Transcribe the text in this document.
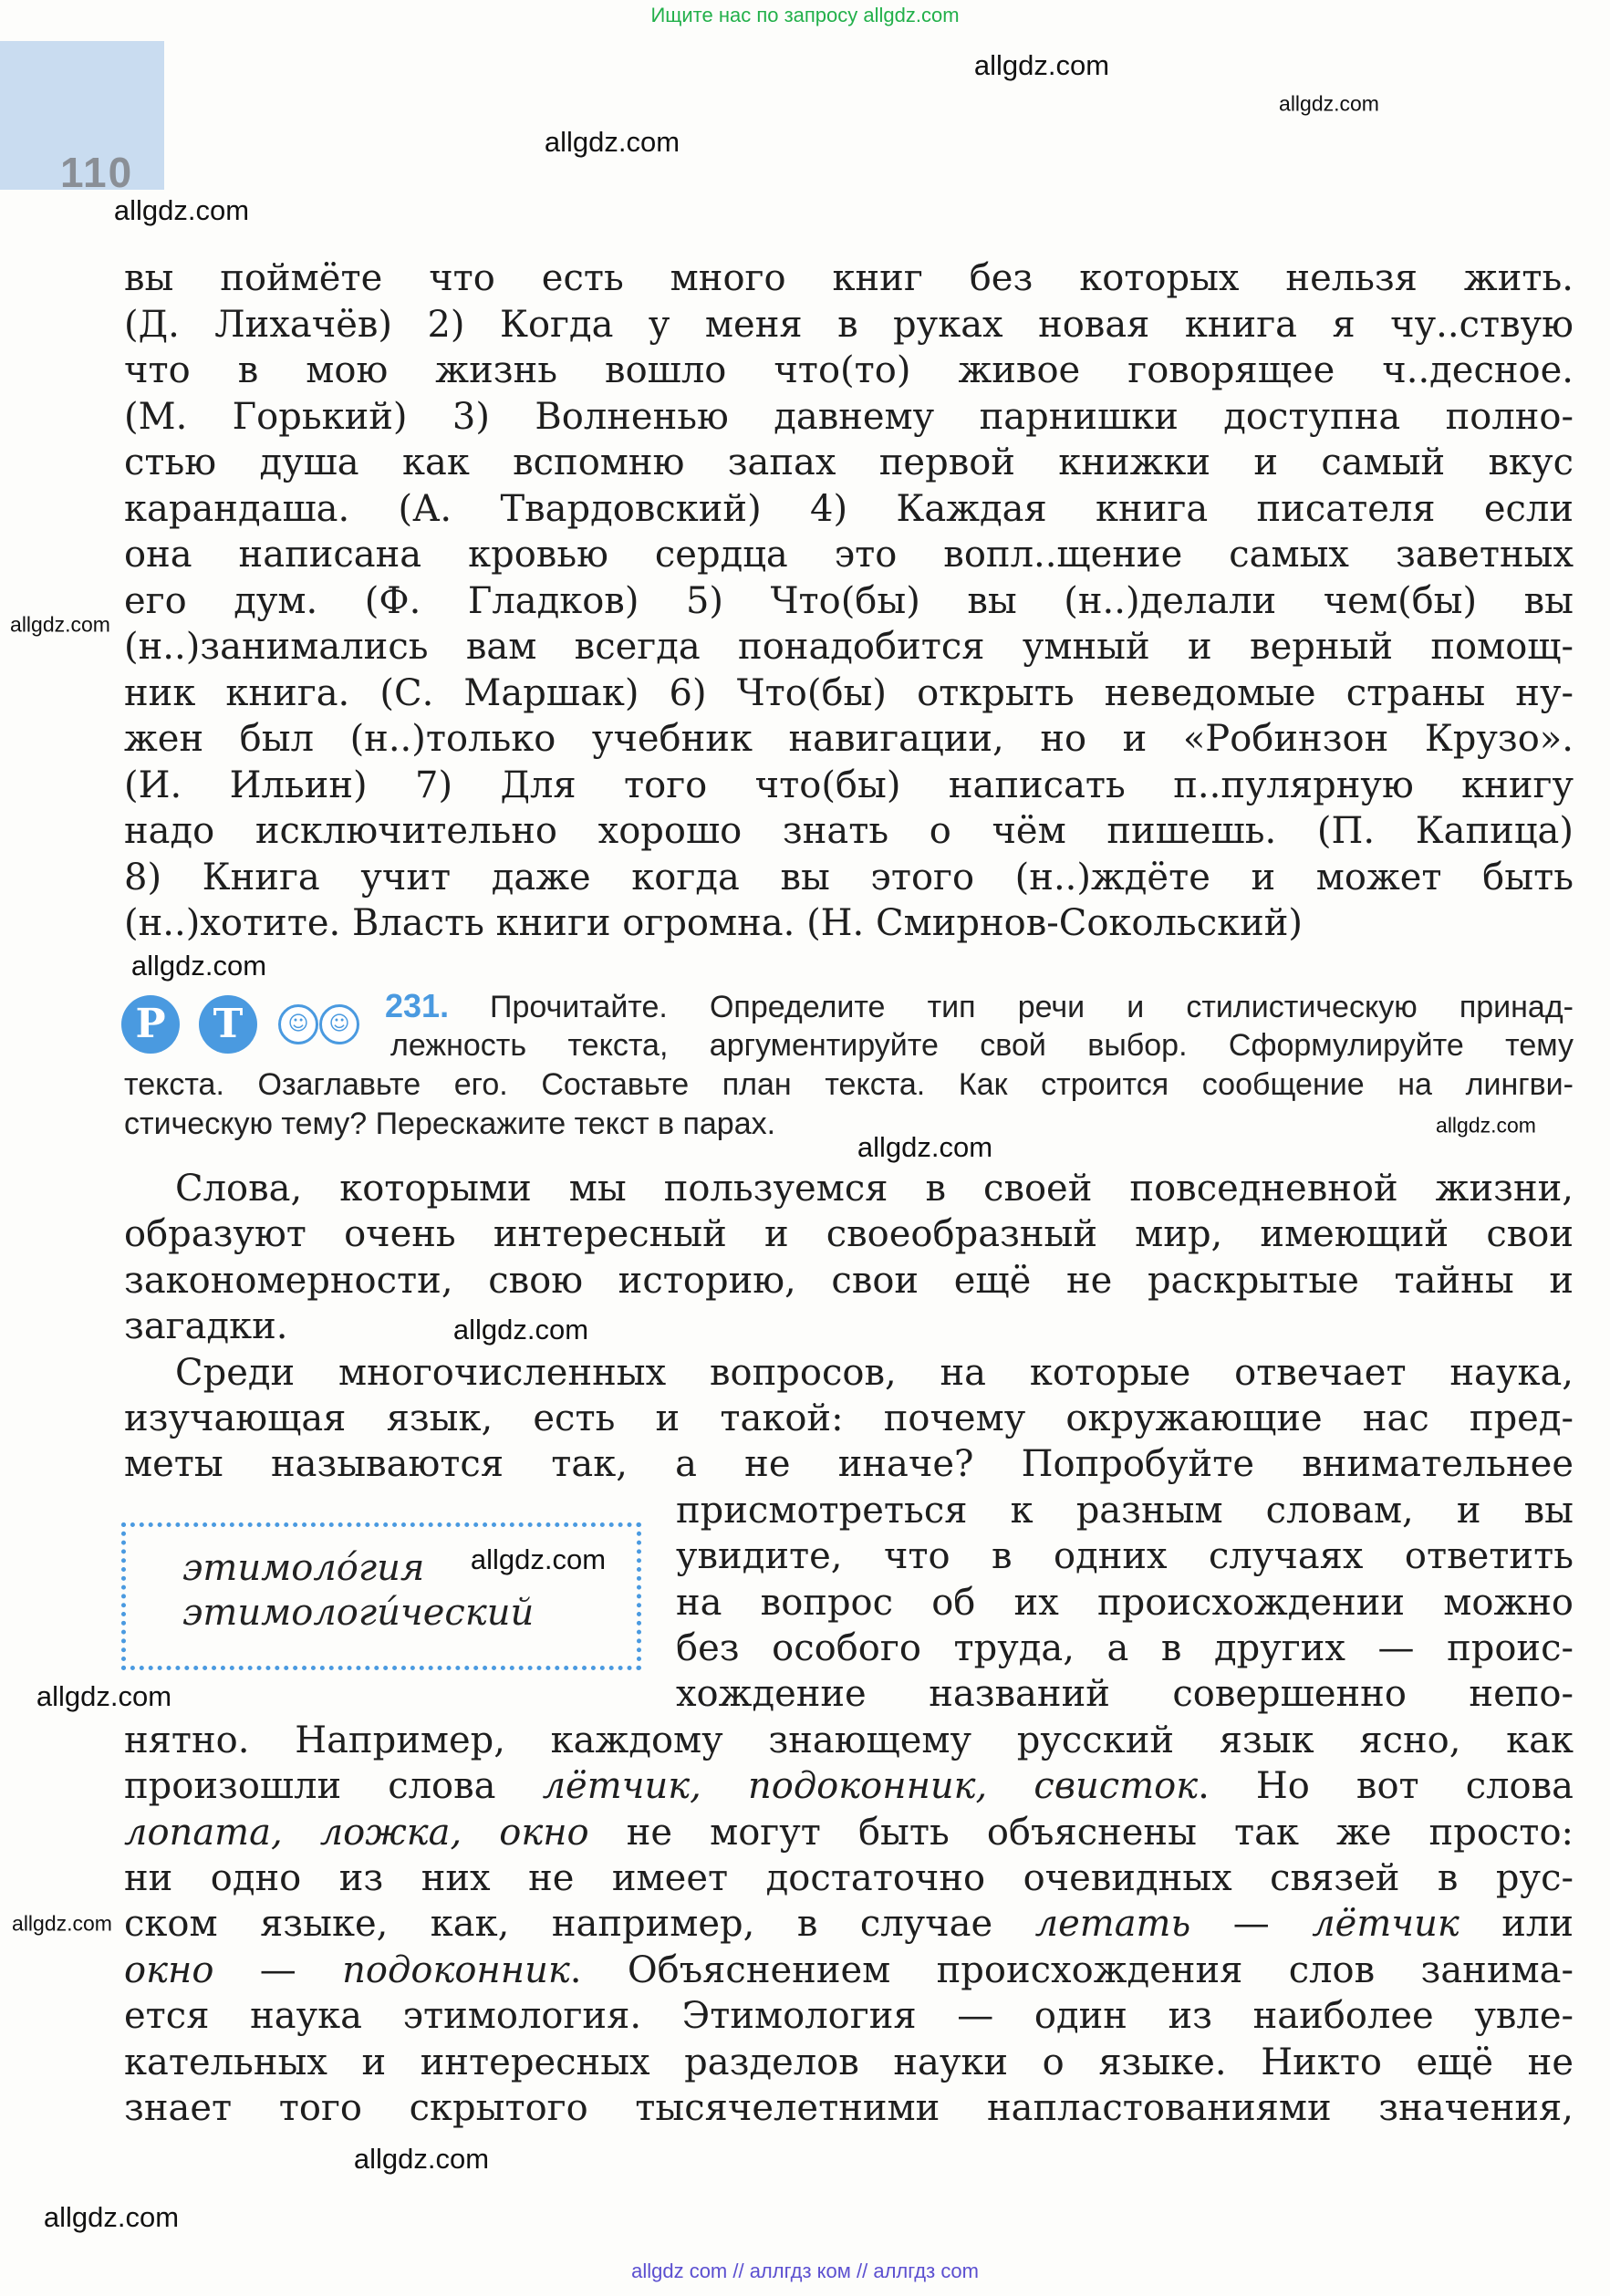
Ищите нас по запросу allgdz.com
110
вы поймёте что есть много книг без которых нельзя жить.
(Д. Лихачёв) 2) Когда у меня в руках новая книга я чу..ствую
что в мою жизнь вошло что(то) живое говорящее ч..десное.
(М. Горький) 3) Волненью давнему парнишки доступна полно-
стью душа как вспомню запах первой книжки и самый вкус
карандаша. (А. Твардовский) 4) Каждая книга писателя если
она написана кровью сердца это вопл..щение самых заветных
его дум. (Ф. Гладков) 5) Что(бы) вы (н..)делали чем(бы) вы
(н..)занимались вам всегда понадобится умный и верный помощ-
ник книга. (С. Маршак) 6) Что(бы) открыть неведомые страны ну-
жен был (н..)только учебник навигации, но и «Робинзон Крузо».
(И. Ильин) 7) Для того что(бы) написать п..пулярную книгу
надо исключительно хорошо знать о чём пишешь. (П. Капица)
8) Книга учит даже когда вы этого (н..)ждёте и может быть
(н..)хотите. Власть книги огромна. (Н. Смирнов-Сокольский)
Р	Т	☺	☺ 231. Прочитайте. Определите тип речи и стилистическую принад-
лежность текста, аргументируйте свой выбор. Сформулируйте тему
текста. Озаглавьте его. Составьте план текста. Как строится сообщение на лингви-
стическую тему? Перескажите текст в парах.
этимоло́гия
этимологи́ческий
Слова, которыми мы пользуемся в своей повседневной жизни,
образуют очень интересный и своеобразный мир, имеющий свои
закономерности, свою историю, свои ещё не раскрытые тайны и
загадки.
Среди многочисленных вопросов, на которые отвечает наука,
изучающая язык, есть и такой: почему окружающие нас пред-
меты называются так, а не иначе? Попробуйте внимательнее
присмотреться к разным словам, и вы
увидите, что в одних случаях ответить
на вопрос об их происхождении можно
без особого труда, а в других — проис-
хождение названий совершенно непо-
нятно. Например, каждому знающему русский язык ясно, как
произошли слова лётчик, подоконник, свисток. Но вот слова
лопата, ложка, окно не могут быть объяснены так же просто:
ни одно из них не имеет достаточно очевидных связей в рус-
ском языке, как, например, в случае летать — лётчик или
окно — подоконник. Объяснением происхождения слов занима-
ется наука этимология. Этимология — один из наиболее увле-
кательных и интересных разделов науки о языке. Никто ещё не
знает того скрытого тысячелетними напластованиями значения,
allgdz.com
allgdz.com
allgdz.com
allgdz.com
allgdz.com
allgdz.com
allgdz.com
allgdz.com
allgdz.com
allgdz.com
allgdz.com
allgdz.com
allgdz.com
allgdz.com
allgdz com // аллгдз ком // аллгдз com
